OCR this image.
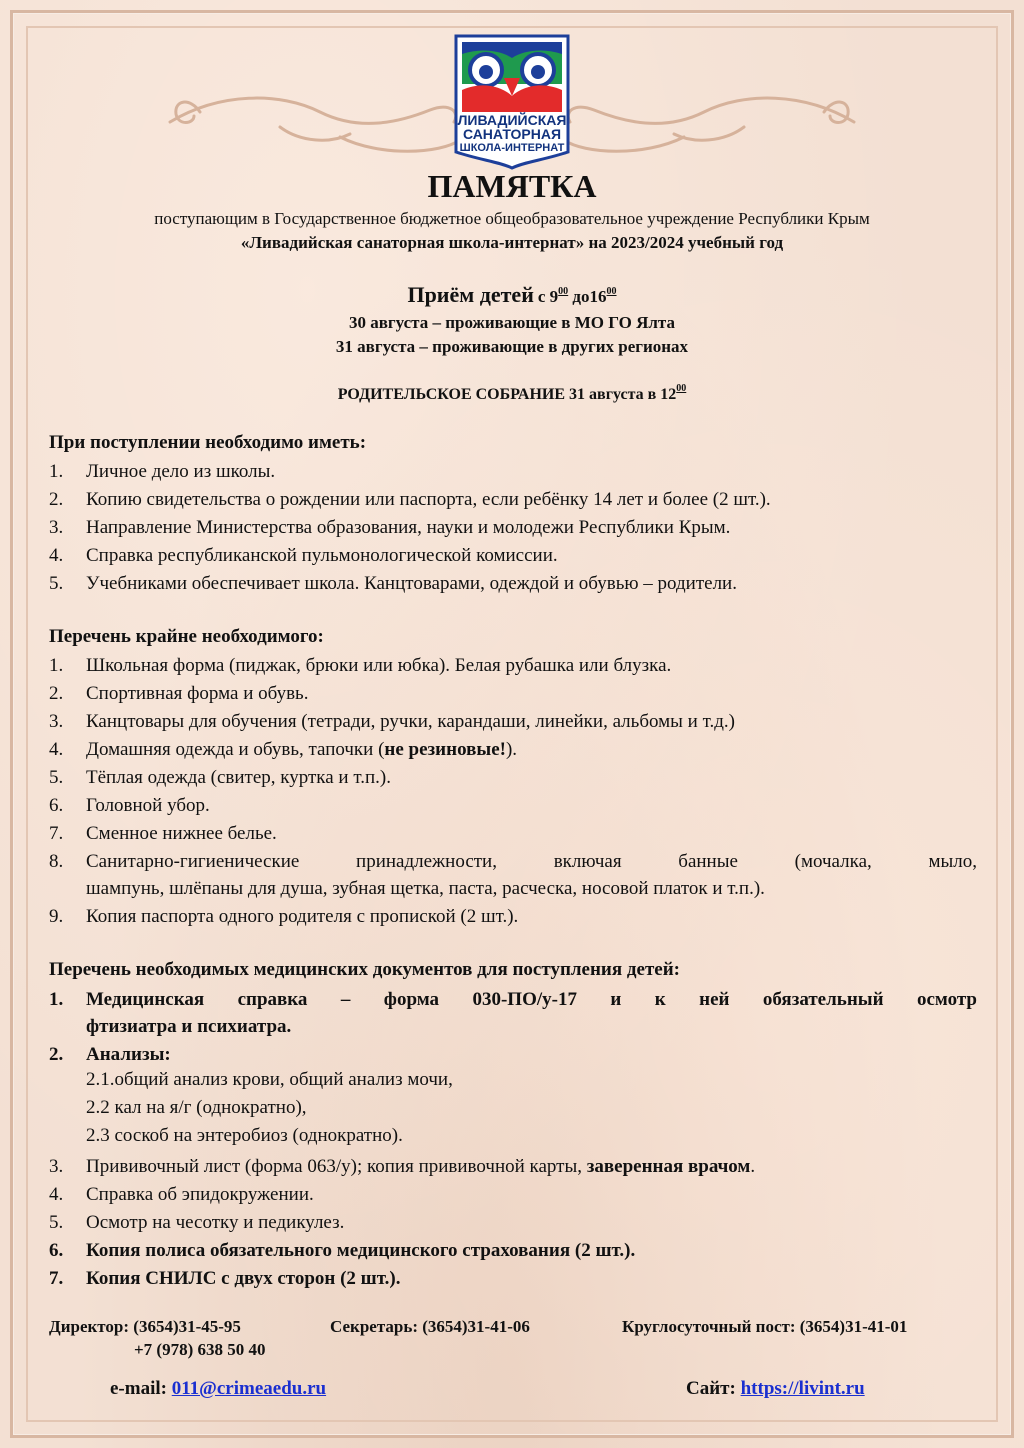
ЛИВАДИЙСКАЯ
САНАТОРНАЯ
ШКОЛА-ИНТЕРНАТ
ПАМЯТКА
поступающим в Государственное бюджетное общеобразовательное учреждение Республики Крым
«Ливадийская санаторная школа-интернат» на 2023/2024 учебный год
Приём детей с $9^{00}$ $до16^{00}$
30 августа – проживающие в МО ГО Ялта
31 августа – проживающие в других регионах
РОДИТЕЛЬСКОЕ СОБРАНИЕ 31 августа в $12^{00}$
При поступлении необходимо иметь:
1.	Личное дело из школы.
2.	Копию свидетельства о рождении или паспорта, если ребёнку 14 лет и более (2 шт.).
3.	Направление Министерства образования, науки и молодежи Республики Крым.
4.	Справка республиканской пульмонологической комиссии.
5.	Учебниками обеспечивает школа. Канцтоварами, одеждой и обувью – родители.
Перечень крайне необходимого:
1.	Школьная форма (пиджак, брюки или юбка). Белая рубашка или блузка.
2.	Спортивная форма и обувь.
3.	Канцтовары для обучения (тетради, ручки, карандаши, линейки, альбомы и т.д.)
4.	Домашняя одежда и обувь, тапочки (не резиновые!).
5.	Тёплая одежда (свитер, куртка и т.п.).
6.	Головной убор.
7.	Сменное нижнее белье.
8.	Санитарно-гигиенические принадлежности, включая банные (мочалка, мыло,
шампунь, шлёпаны для душа, зубная щетка, паста, расческа, носовой платок и т.п.).
9.	Копия паспорта одного родителя с пропиской (2 шт.).
Перечень необходимых медицинских документов для поступления детей:
1.	Медицинская справка – форма 030-ПО/у-17 и к ней обязательный осмотр
фтизиатра и психиатра.
2.	Анализы:
2.1.общий анализ крови, общий анализ мочи,
2.2 кал на я/г (однократно),
2.3 соскоб на энтеробиоз (однократно).
3.	Прививочный лист (форма 063/у); копия прививочной карты, заверенная врачом.
4.	Справка об эпидокружении.
5.	Осмотр на чесотку и педикулез.
6.	Копия полиса обязательного медицинского страхования (2 шт.).
7.	Копия СНИЛС с двух сторон (2 шт.).
Директор: (3654)31-45-95
+7 (978) 638 50 40
Секретарь: (3654)31-41-06	Круглосуточный пост: (3654)31-41-01
e-mail: 011@crimeaedu.ru	Сайт: https://livint.ru
